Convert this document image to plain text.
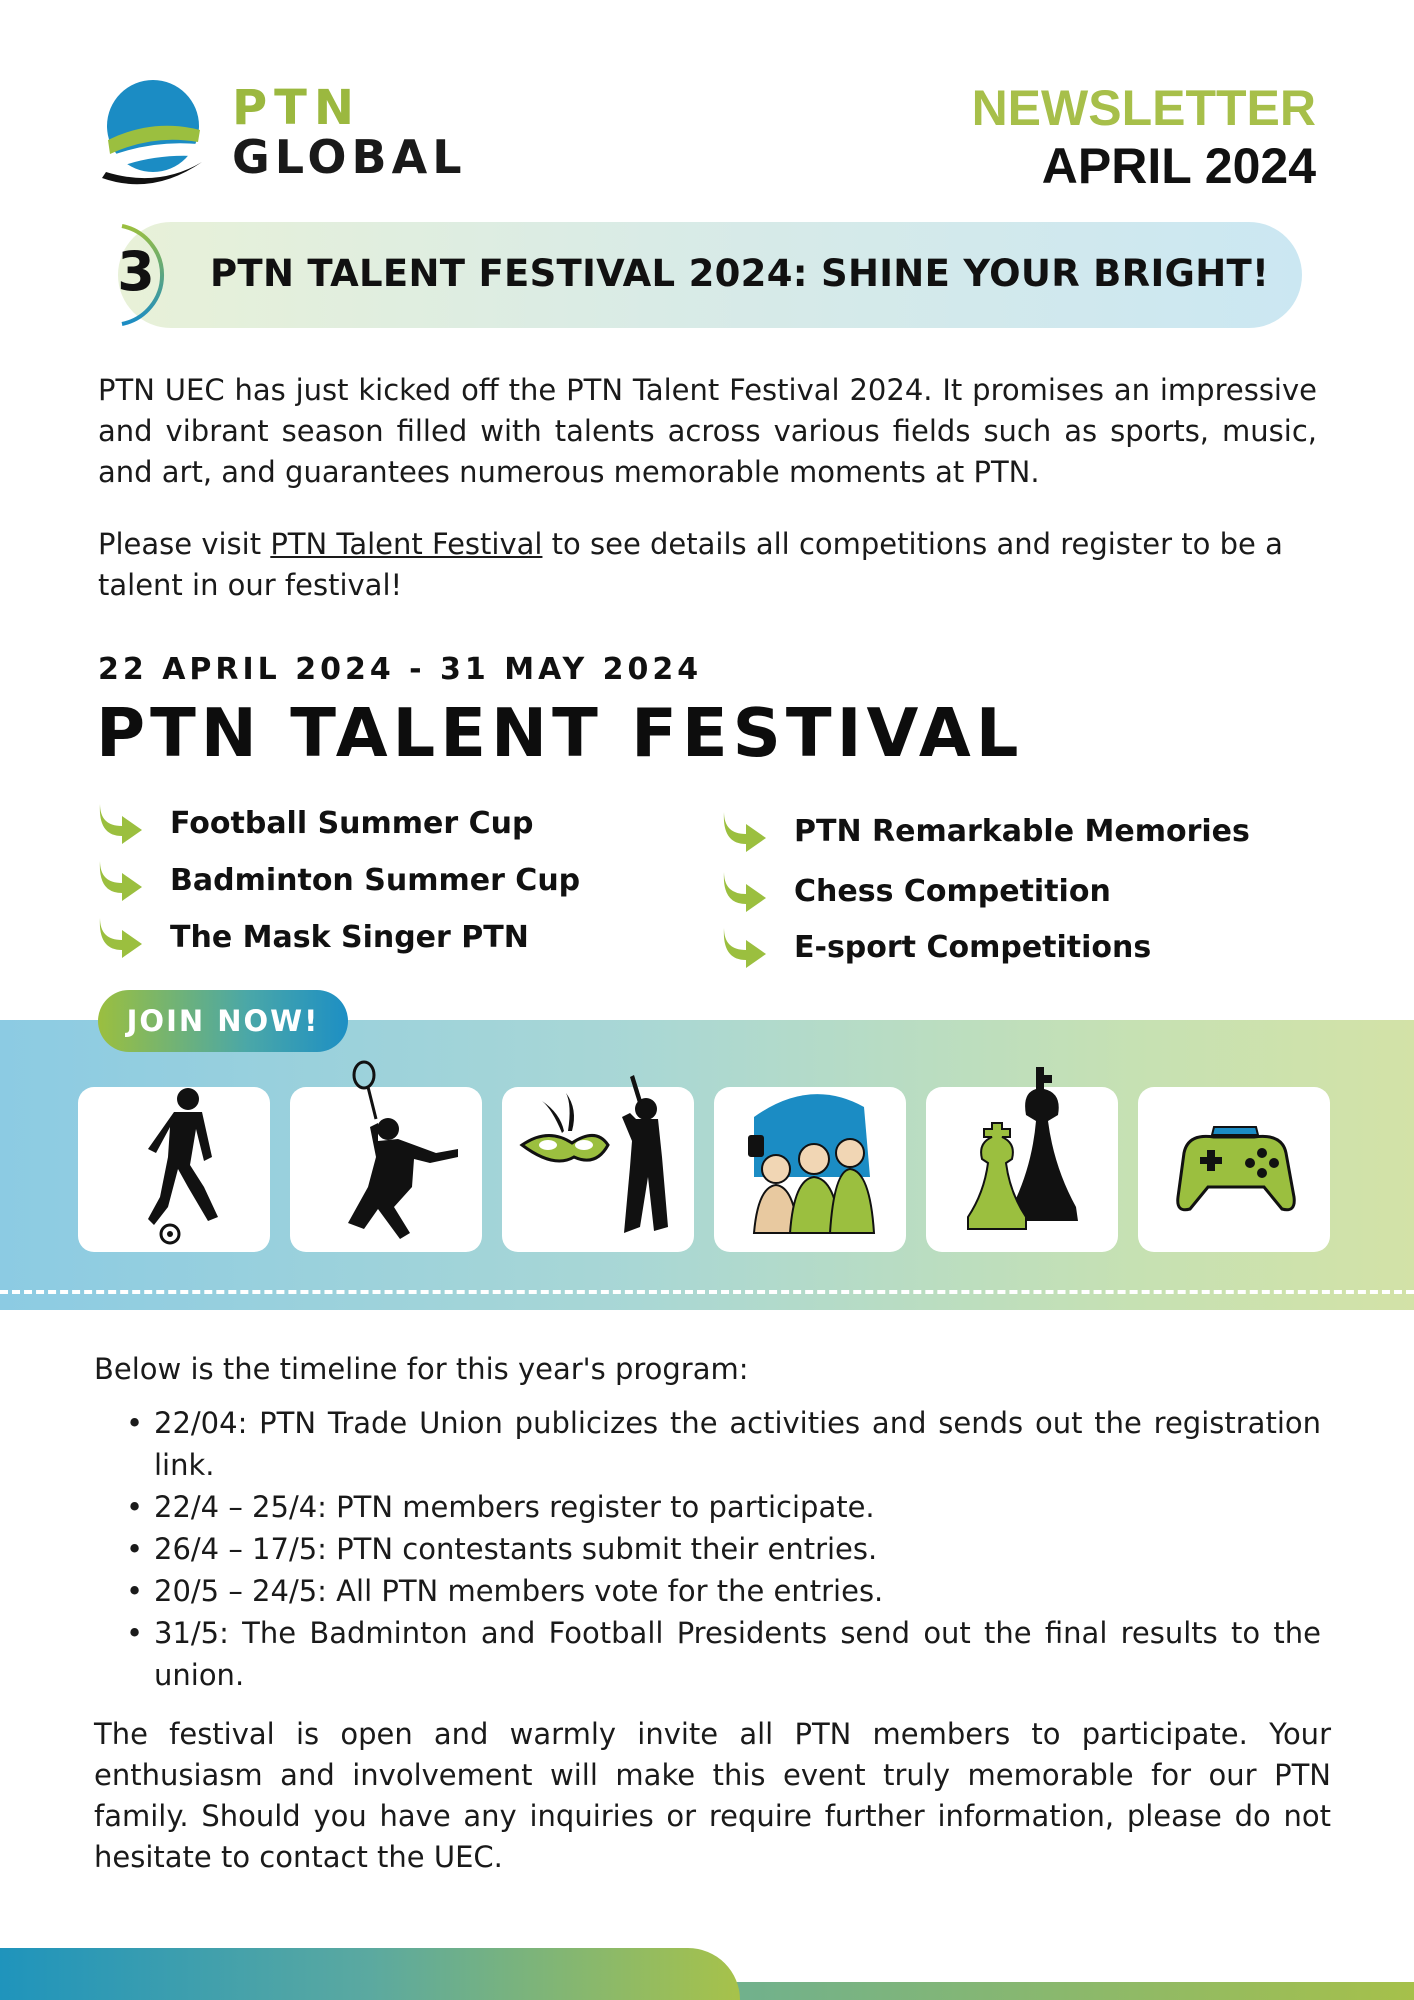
PTN
GLOBAL
NEWSLETTER
APRIL 2024
3 PTN TALENT FESTIVAL 2024: SHINE YOUR BRIGHT!

PTN UEC has just kicked off the PTN Talent Festival 2024. It promises an impressive and vibrant season filled with talents across various fields such as sports, music, and art, and guarantees numerous memorable moments at PTN.

Please visit PTN Talent Festival to see details all competitions and register to be a talent in our festival!

22 APRIL 2024 - 31 MAY 2024
PTN TALENT FESTIVAL
Football Summer Cup
Badminton Summer Cup
The Mask Singer PTN
PTN Remarkable Memories
Chess Competition
E-sport Competitions
JOIN NOW!
Below is the timeline for this year's program:
• 22/04: PTN Trade Union publicizes the activities and sends out the registration link.
• 22/4 – 25/4: PTN members register to participate.
• 26/4 – 17/5: PTN contestants submit their entries.
• 20/5 – 24/5: All PTN members vote for the entries.
• 31/5: The Badminton and Football Presidents send out the final results to the union.

The festival is open and warmly invite all PTN members to participate. Your enthusiasm and involvement will make this event truly memorable for our PTN family. Should you have any inquiries or require further information, please do not hesitate to contact the UEC.
